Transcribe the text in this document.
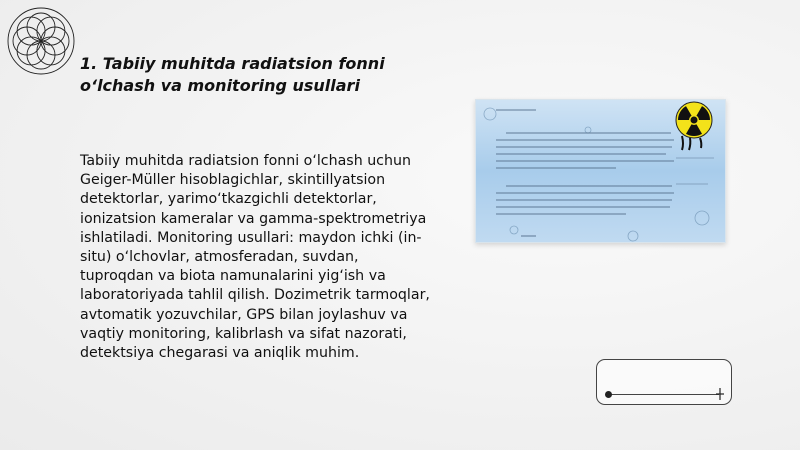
1. Tabiiy muhitda radiatsion fonni o‘lchash va monitoring usullari

Tabiiy muhitda radiatsion fonni o‘lchash uchun Geiger-Müller hisoblagichlar, skintillyatsion detektorlar, yarimo‘tkazgichli detektorlar, ionizatsion kameralar va gamma-spektrometriya ishlatiladi. Monitoring usullari: maydon ichki (in-situ) o‘lchovlar, atmosferadan, suvdan, tuproqdan va biota namunalarini yig‘ish va laboratoriyada tahlil qilish. Dozimetrik tarmoqlar, avtomatik yozuvchilar, GPS bilan joylashuv va vaqtiy monitoring, kalibrlash va sifat nazorati, detektsiya chegarasi va aniqlik muhim.
